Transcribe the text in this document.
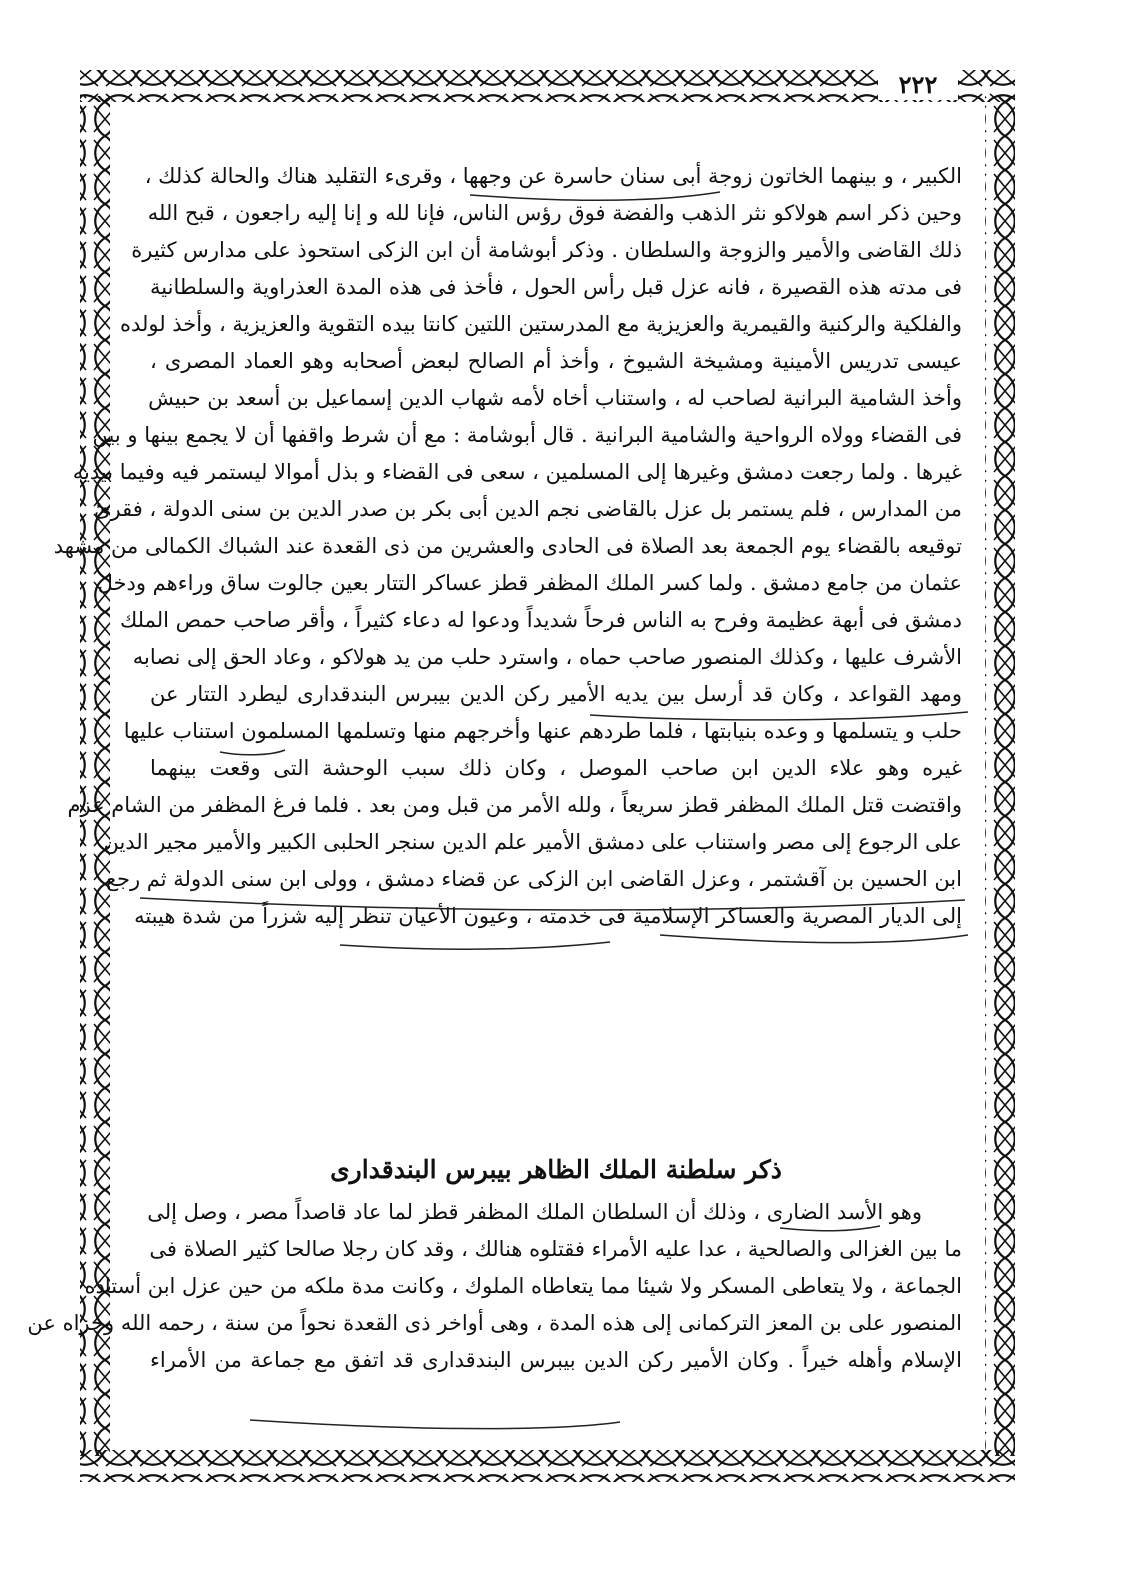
٢٢٢
الكبير ، و بينهما الخاتون زوجة أبى سنان حاسرة عن وجهها ، وقرىء التقليد هناك والحالة كذلك ،
وحين ذكر اسم هولاكو نثر الذهب والفضة فوق رؤس الناس، فإنا لله و إنا إليه راجعون ، قبح الله
ذلك القاضى والأمير والزوجة والسلطان . وذكر أبوشامة أن ابن الزكى استحوذ على مدارس كثيرة
فى مدته هذه القصيرة ، فانه عزل قبل رأس الحول ، فأخذ فى هذه المدة العذراوية والسلطانية
والفلكية والركنية والقيمرية والعزيزية مع المدرستين اللتين كانتا بيده التقوية والعزيزية ، وأخذ لولده
عيسى تدريس الأمينية ومشيخة الشيوخ ، وأخذ أم الصالح لبعض أصحابه وهو العماد المصرى ،
وأخذ الشامية البرانية لصاحب له ، واستناب أخاه لأمه شهاب الدين إسماعيل بن أسعد بن حبيش
فى القضاء وولاه الرواحية والشامية البرانية . قال أبوشامة : مع أن شرط واقفها أن لا يجمع بينها و بين
غيرها . ولما رجعت دمشق وغيرها إلى المسلمين ، سعى فى القضاء و بذل أموالا ليستمر فيه وفيما بيديه
من المدارس ، فلم يستمر بل عزل بالقاضى نجم الدين أبى بكر بن صدر الدين بن سنى الدولة ، فقرئ
توقيعه بالقضاء يوم الجمعة بعد الصلاة فى الحادى والعشرين من ذى القعدة عند الشباك الكمالى من مشهد
عثمان من جامع دمشق . ولما كسر الملك المظفر قطز عساكر التتار بعين جالوت ساق وراءهم ودخل
دمشق فى أبهة عظيمة وفرح به الناس فرحاً شديداً ودعوا له دعاء كثيراً ، وأقر صاحب حمص الملك
الأشرف عليها ، وكذلك المنصور صاحب حماه ، واسترد حلب من يد هولاكو ، وعاد الحق إلى نصابه
ومهد القواعد ، وكان قد أرسل بين يديه الأمير ركن الدين بيبرس البندقدارى ليطرد التتار عن
حلب و يتسلمها و وعده بنيابتها ، فلما طردهم عنها وأخرجهم منها وتسلمها المسلمون استناب عليها
غيره وهو علاء الدين ابن صاحب الموصل ، وكان ذلك سبب الوحشة التى وقعت بينهما
واقتضت قتل الملك المظفر قطز سريعاً ، ولله الأمر من قبل ومن بعد . فلما فرغ المظفر من الشام عزم
على الرجوع إلى مصر واستناب على دمشق الأمير علم الدين سنجر الحلبى الكبير والأمير مجير الدين
ابن الحسين بن آقشتمر ، وعزل القاضى ابن الزكى عن قضاء دمشق ، وولى ابن سنى الدولة ثم رجع
إلى الديار المصرية والعساكر الإسلامية فى خدمته ، وعيون الأعيان تنظر إليه شزراً من شدة هيبته
ذكر سلطنة الملك الظاهر بيبرس البندقدارى
وهو الأسد الضارى ، وذلك أن السلطان الملك المظفر قطز لما عاد قاصداً مصر ، وصل إلى
ما بين الغزالى والصالحية ، عدا عليه الأمراء فقتلوه هنالك ، وقد كان رجلا صالحا كثير الصلاة فى
الجماعة ، ولا يتعاطى المسكر ولا شيئا مما يتعاطاه الملوك ، وكانت مدة ملكه من حين عزل ابن أستاذه
المنصور على بن المعز التركمانى إلى هذه المدة ، وهى أواخر ذى القعدة نحواً من سنة ، رحمه الله وجزاه عن
الإسلام وأهله خيراً . وكان الأمير ركن الدين بيبرس البندقدارى قد اتفق مع جماعة من الأمراء
